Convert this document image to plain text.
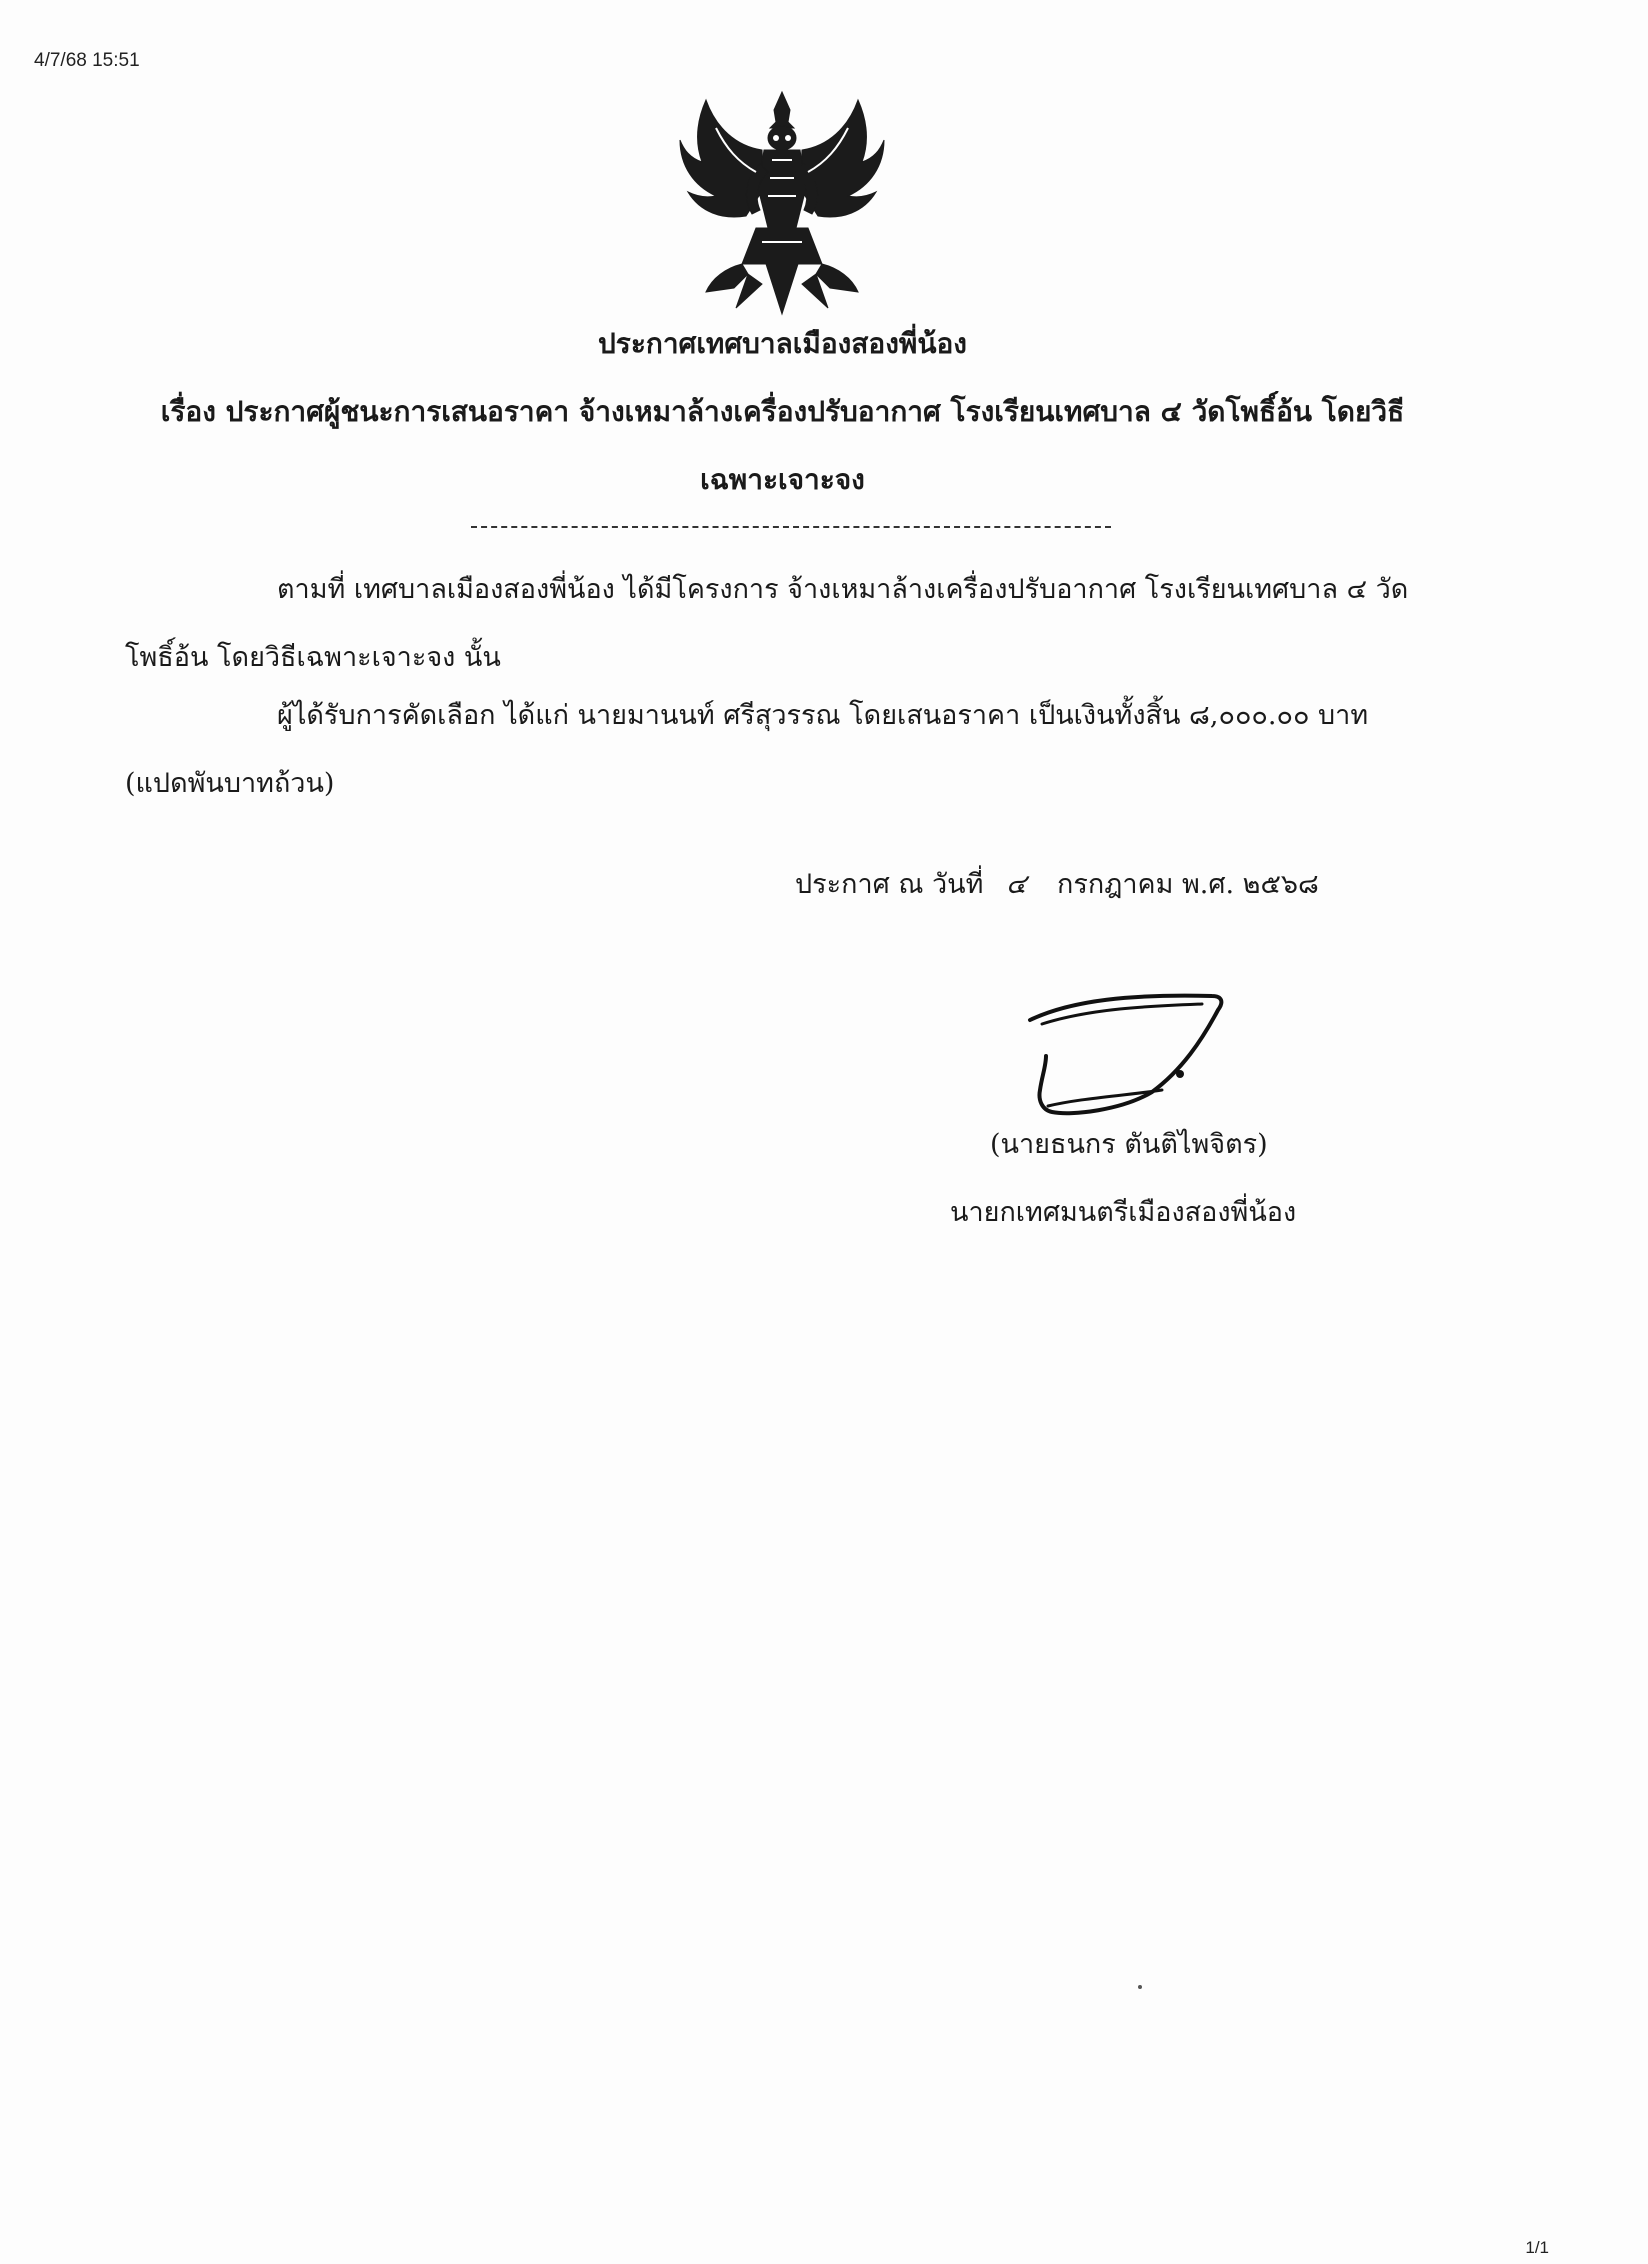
4/7/68 15:51
ประกาศเทศบาลเมืองสองพี่น้อง
เรื่อง ประกาศผู้ชนะการเสนอราคา จ้างเหมาล้างเครื่องปรับอากาศ โรงเรียนเทศบาล ๔ วัดโพธิ์อ้น โดยวิธีเฉพาะเจาะจง
ตามที่ เทศบาลเมืองสองพี่น้อง ได้มีโครงการ จ้างเหมาล้างเครื่องปรับอากาศ โรงเรียนเทศบาล ๔ วัดโพธิ์อ้น โดยวิธีเฉพาะเจาะจง นั้น
ผู้ได้รับการคัดเลือก ได้แก่ นายมานนท์ ศรีสุวรรณ โดยเสนอราคา เป็นเงินทั้งสิ้น ๘,๐๐๐.๐๐ บาท (แปดพันบาทถ้วน)
ประกาศ ณ วันที่ ๔ กรกฎาคม พ.ศ. ๒๕๖๘
(นายธนกร ตันติไพจิตร)
นายกเทศมนตรีเมืองสองพี่น้อง
1/1
